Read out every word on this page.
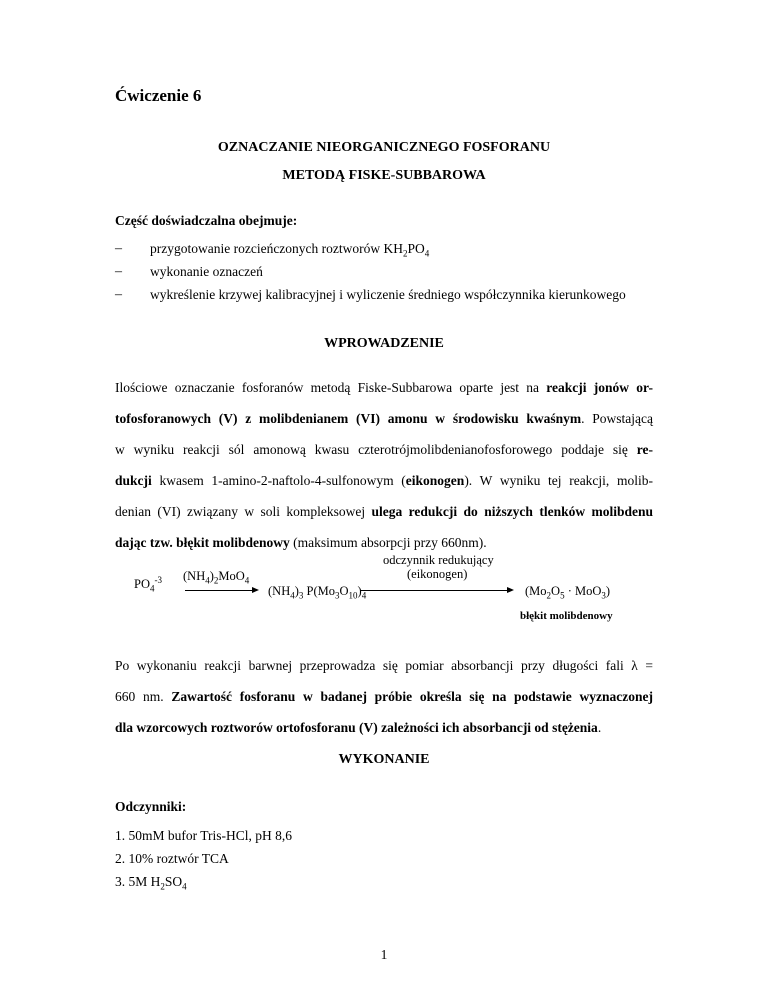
Ćwiczenie 6
OZNACZANIE NIEORGANICZNEGO FOSFORANU
METODĄ FISKE-SUBBAROWA
Część doświadczalna obejmuje:
– przygotowanie rozcieńczonych roztworów $KH_2PO_4$
– wykonanie oznaczeń
– wykreślenie krzywej kalibracyjnej i wyliczenie średniego współczynnika kierunkowego
WPROWADZENIE
Ilościowe oznaczanie fosforanów metodą Fiske-Subbarowa oparte jest na reakcji jonów or-
tofosforanowych (V) z molibdenianem (VI) amonu w środowisku kwaśnym. Powstającą
w wyniku reakcji sól amonową kwasu czterotrójmolibdenianofosforowego poddaje się re-
dukcji kwasem 1-amino-2-naftolo-4-sulfonowym (eikonogen). W wyniku tej reakcji, molib-
denian (VI) związany w soli kompleksowej ulega redukcji do niższych tlenków molibdenu
dając tzw. błękit molibdenowy (maksimum absorpcji przy 660nm).
odczynnik redukujący
(eikonogen)
$PO_4^{-3}$ $(NH_4)_2MoO_4$
$(NH_4)_3$ $P(Mo_3O_{10})_4$	$(Mo_2O_5 \cdot MoO_3)$
błękit molibdenowy
Po wykonaniu reakcji barwnej przeprowadza się pomiar absorbancji przy długości fali λ =
660 nm. Zawartość fosforanu w badanej próbie określa się na podstawie wyznaczonej
dla wzorcowych roztworów ortofosforanu (V) zależności ich absorbancji od stężenia.
WYKONANIE
Odczynniki:
1. 50mM bufor Tris-HCl, pH 8,6
2. 10% roztwór TCA
3. 5M $H_2SO_4$
1
